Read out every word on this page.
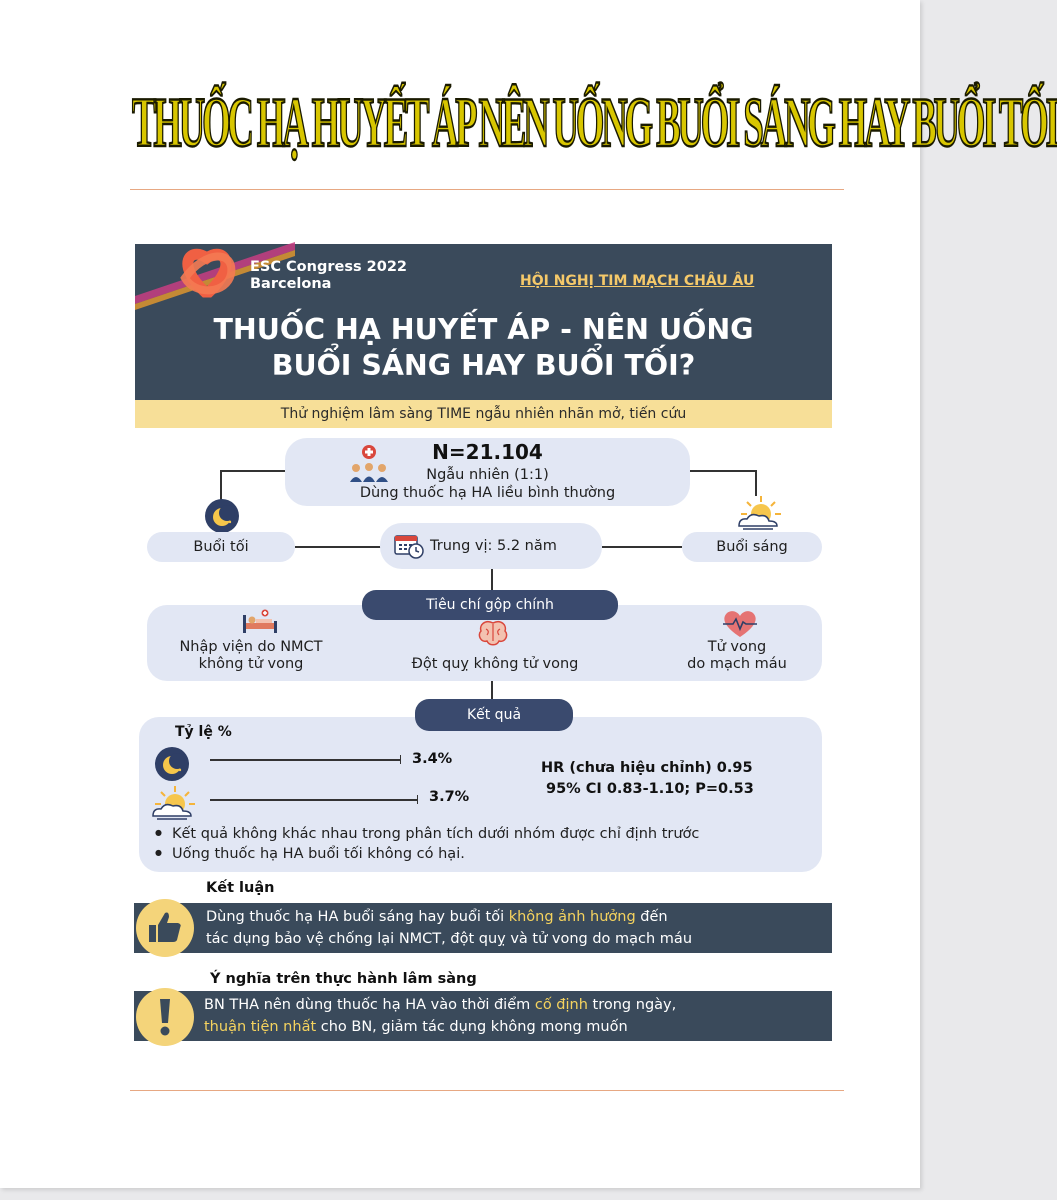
THUỐC HẠ HUYẾT ÁP NÊN UỐNG BUỔI SÁNG HAY BUỔI TỐI
ESC Congress 2022
Barcelona	HỘI NGHỊ TIM MẠCH CHÂU ÂU
THUỐC HẠ HUYẾT ÁP - NÊN UỐNG
BUỔI SÁNG HAY BUỔI TỐI?
Thử nghiệm lâm sàng TIME ngẫu nhiên nhãn mở, tiến cứu
N=21.104
Ngẫu nhiên (1:1)
Dùng thuốc hạ HA liều bình thường
Buổi tối	Buổi sáng
Trung vị: 5.2 năm
Nhập viện do NMCT
không tử vong	Đột quỵ không tử vong
Tử vong
do mạch máu
Tiêu chí gộp chính
Kết quả
Tỷ lệ %
3.4%
3.7%
HR (chưa hiệu chỉnh) 0.95
95% CI 0.83-1.10; P=0.53
● Kết quả không khác nhau trong phân tích dưới nhóm được chỉ định trước
● Uống thuốc hạ HA buổi tối không có hại.
Kết luận
Dùng thuốc hạ HA buổi sáng hay buổi tối không ảnh hưởng đến
tác dụng bảo vệ chống lại NMCT, đột quỵ và tử vong do mạch máu
Ý nghĩa trên thực hành lâm sàng
BN THA nên dùng thuốc hạ HA vào thời điểm cố định trong ngày,
thuận tiện nhất cho BN, giảm tác dụng không mong muốn
